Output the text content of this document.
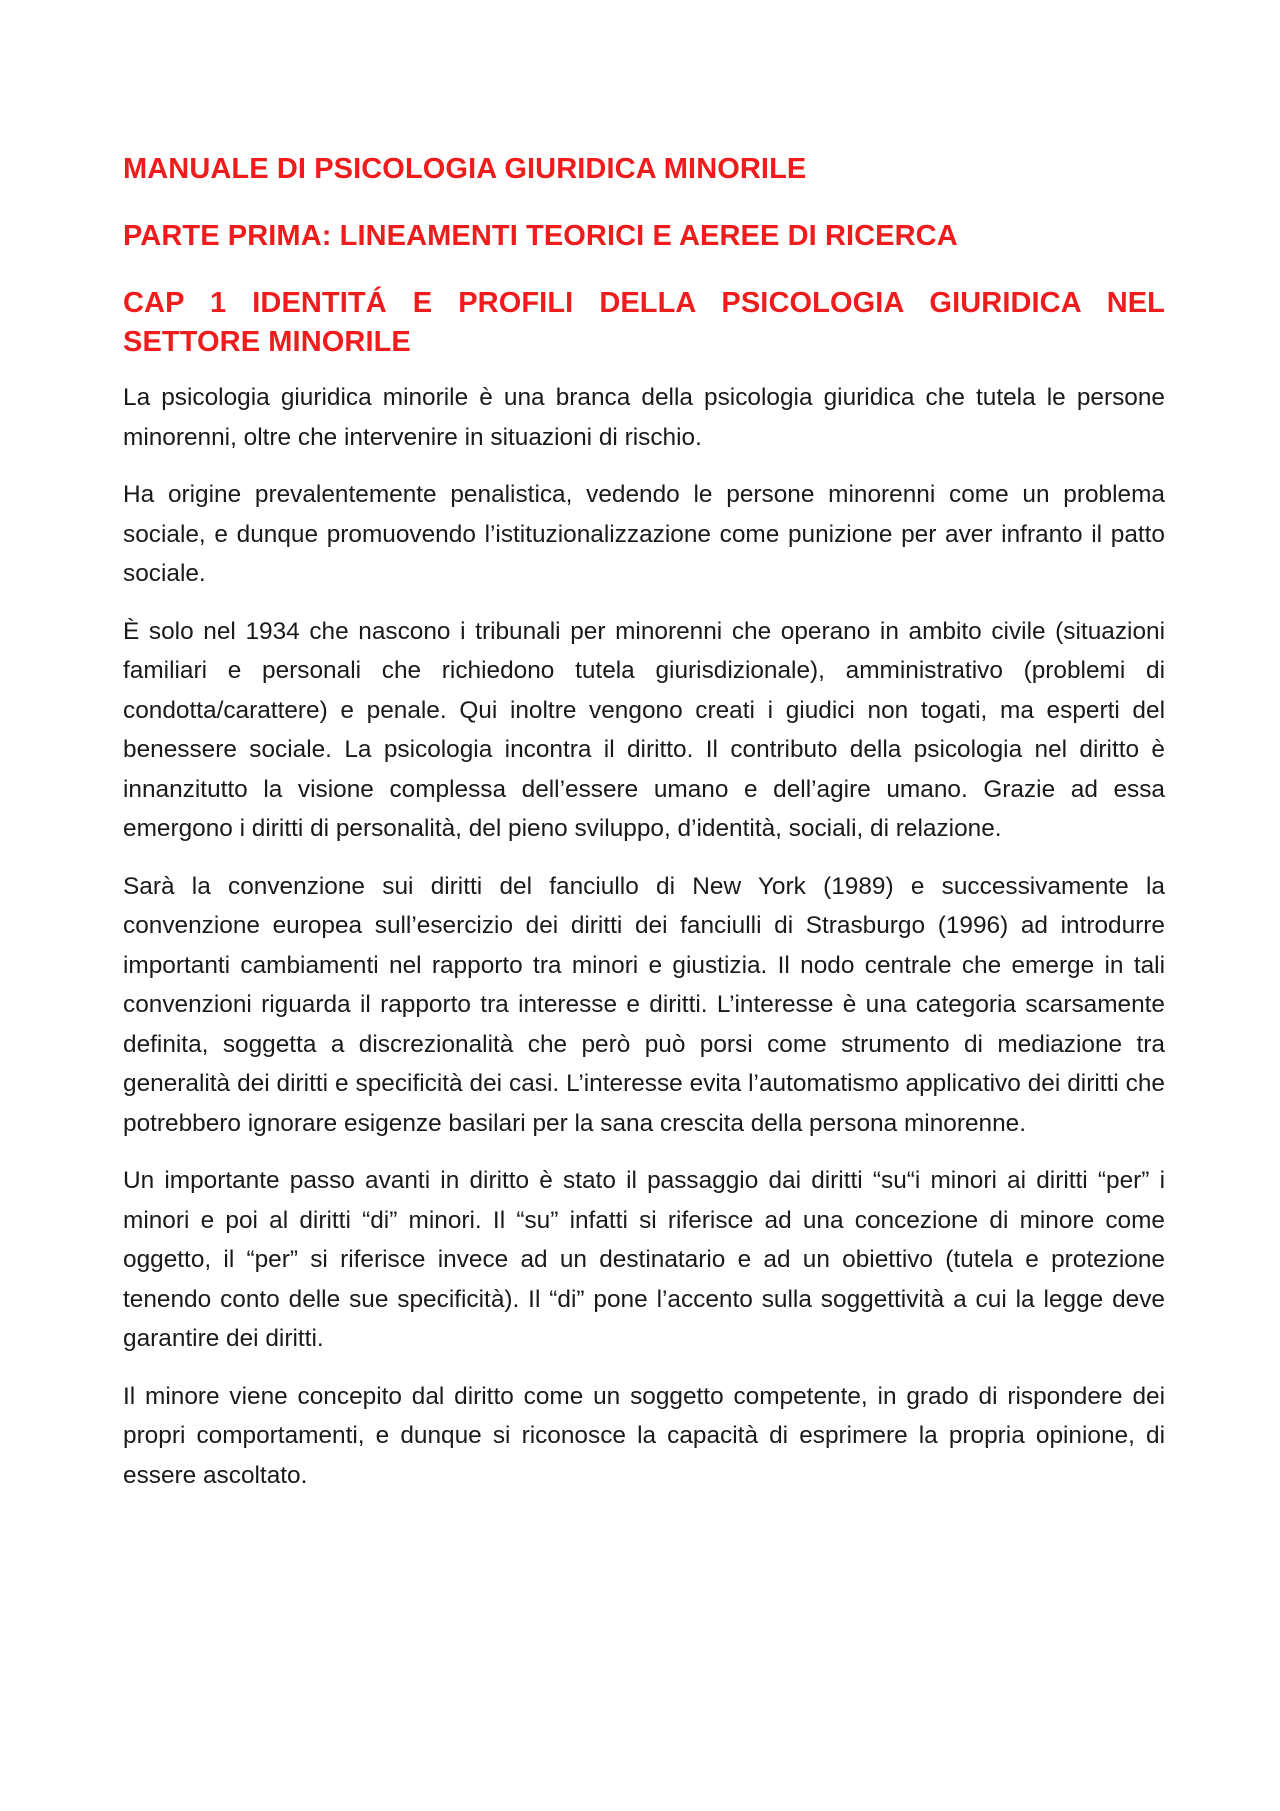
MANUALE DI PSICOLOGIA GIURIDICA MINORILE
PARTE PRIMA: LINEAMENTI TEORICI E AEREE DI RICERCA
CAP 1 IDENTITÁ E PROFILI DELLA PSICOLOGIA GIURIDICA NEL SETTORE MINORILE

La psicologia giuridica minorile è una branca della psicologia giuridica che tutela le persone minorenni, oltre che intervenire in situazioni di rischio.

Ha origine prevalentemente penalistica, vedendo le persone minorenni come un problema sociale, e dunque promuovendo l’istituzionalizzazione come punizione per aver infranto il patto sociale.

È solo nel 1934 che nascono i tribunali per minorenni che operano in ambito civile (situazioni familiari e personali che richiedono tutela giurisdizionale), amministrativo (problemi di condotta/carattere) e penale. Qui inoltre vengono creati i giudici non togati, ma esperti del benessere sociale. La psicologia incontra il diritto. Il contributo della psicologia nel diritto è innanzitutto la visione complessa dell’essere umano e dell’agire umano. Grazie ad essa emergono i diritti di personalità, del pieno sviluppo, d’identità, sociali, di relazione.

Sarà la convenzione sui diritti del fanciullo di New York (1989) e successivamente la convenzione europea sull’esercizio dei diritti dei fanciulli di Strasburgo (1996) ad introdurre importanti cambiamenti nel rapporto tra minori e giustizia. Il nodo centrale che emerge in tali convenzioni riguarda il rapporto tra interesse e diritti. L’interesse è una categoria scarsamente definita, soggetta a discrezionalità che però può porsi come strumento di mediazione tra generalità dei diritti e specificità dei casi. L’interesse evita l’automatismo applicativo dei diritti che potrebbero ignorare esigenze basilari per la sana crescita della persona minorenne.

Un importante passo avanti in diritto è stato il passaggio dai diritti “su“i minori ai diritti “per” i minori e poi al diritti “di” minori. Il “su” infatti si riferisce ad una concezione di minore come oggetto, il “per” si riferisce invece ad un destinatario e ad un obiettivo (tutela e protezione tenendo conto delle sue specificità). Il “di” pone l’accento sulla soggettività a cui la legge deve garantire dei diritti.

Il minore viene concepito dal diritto come un soggetto competente, in grado di rispondere dei propri comportamenti, e dunque si riconosce la capacità di esprimere la propria opinione, di essere ascoltato.
